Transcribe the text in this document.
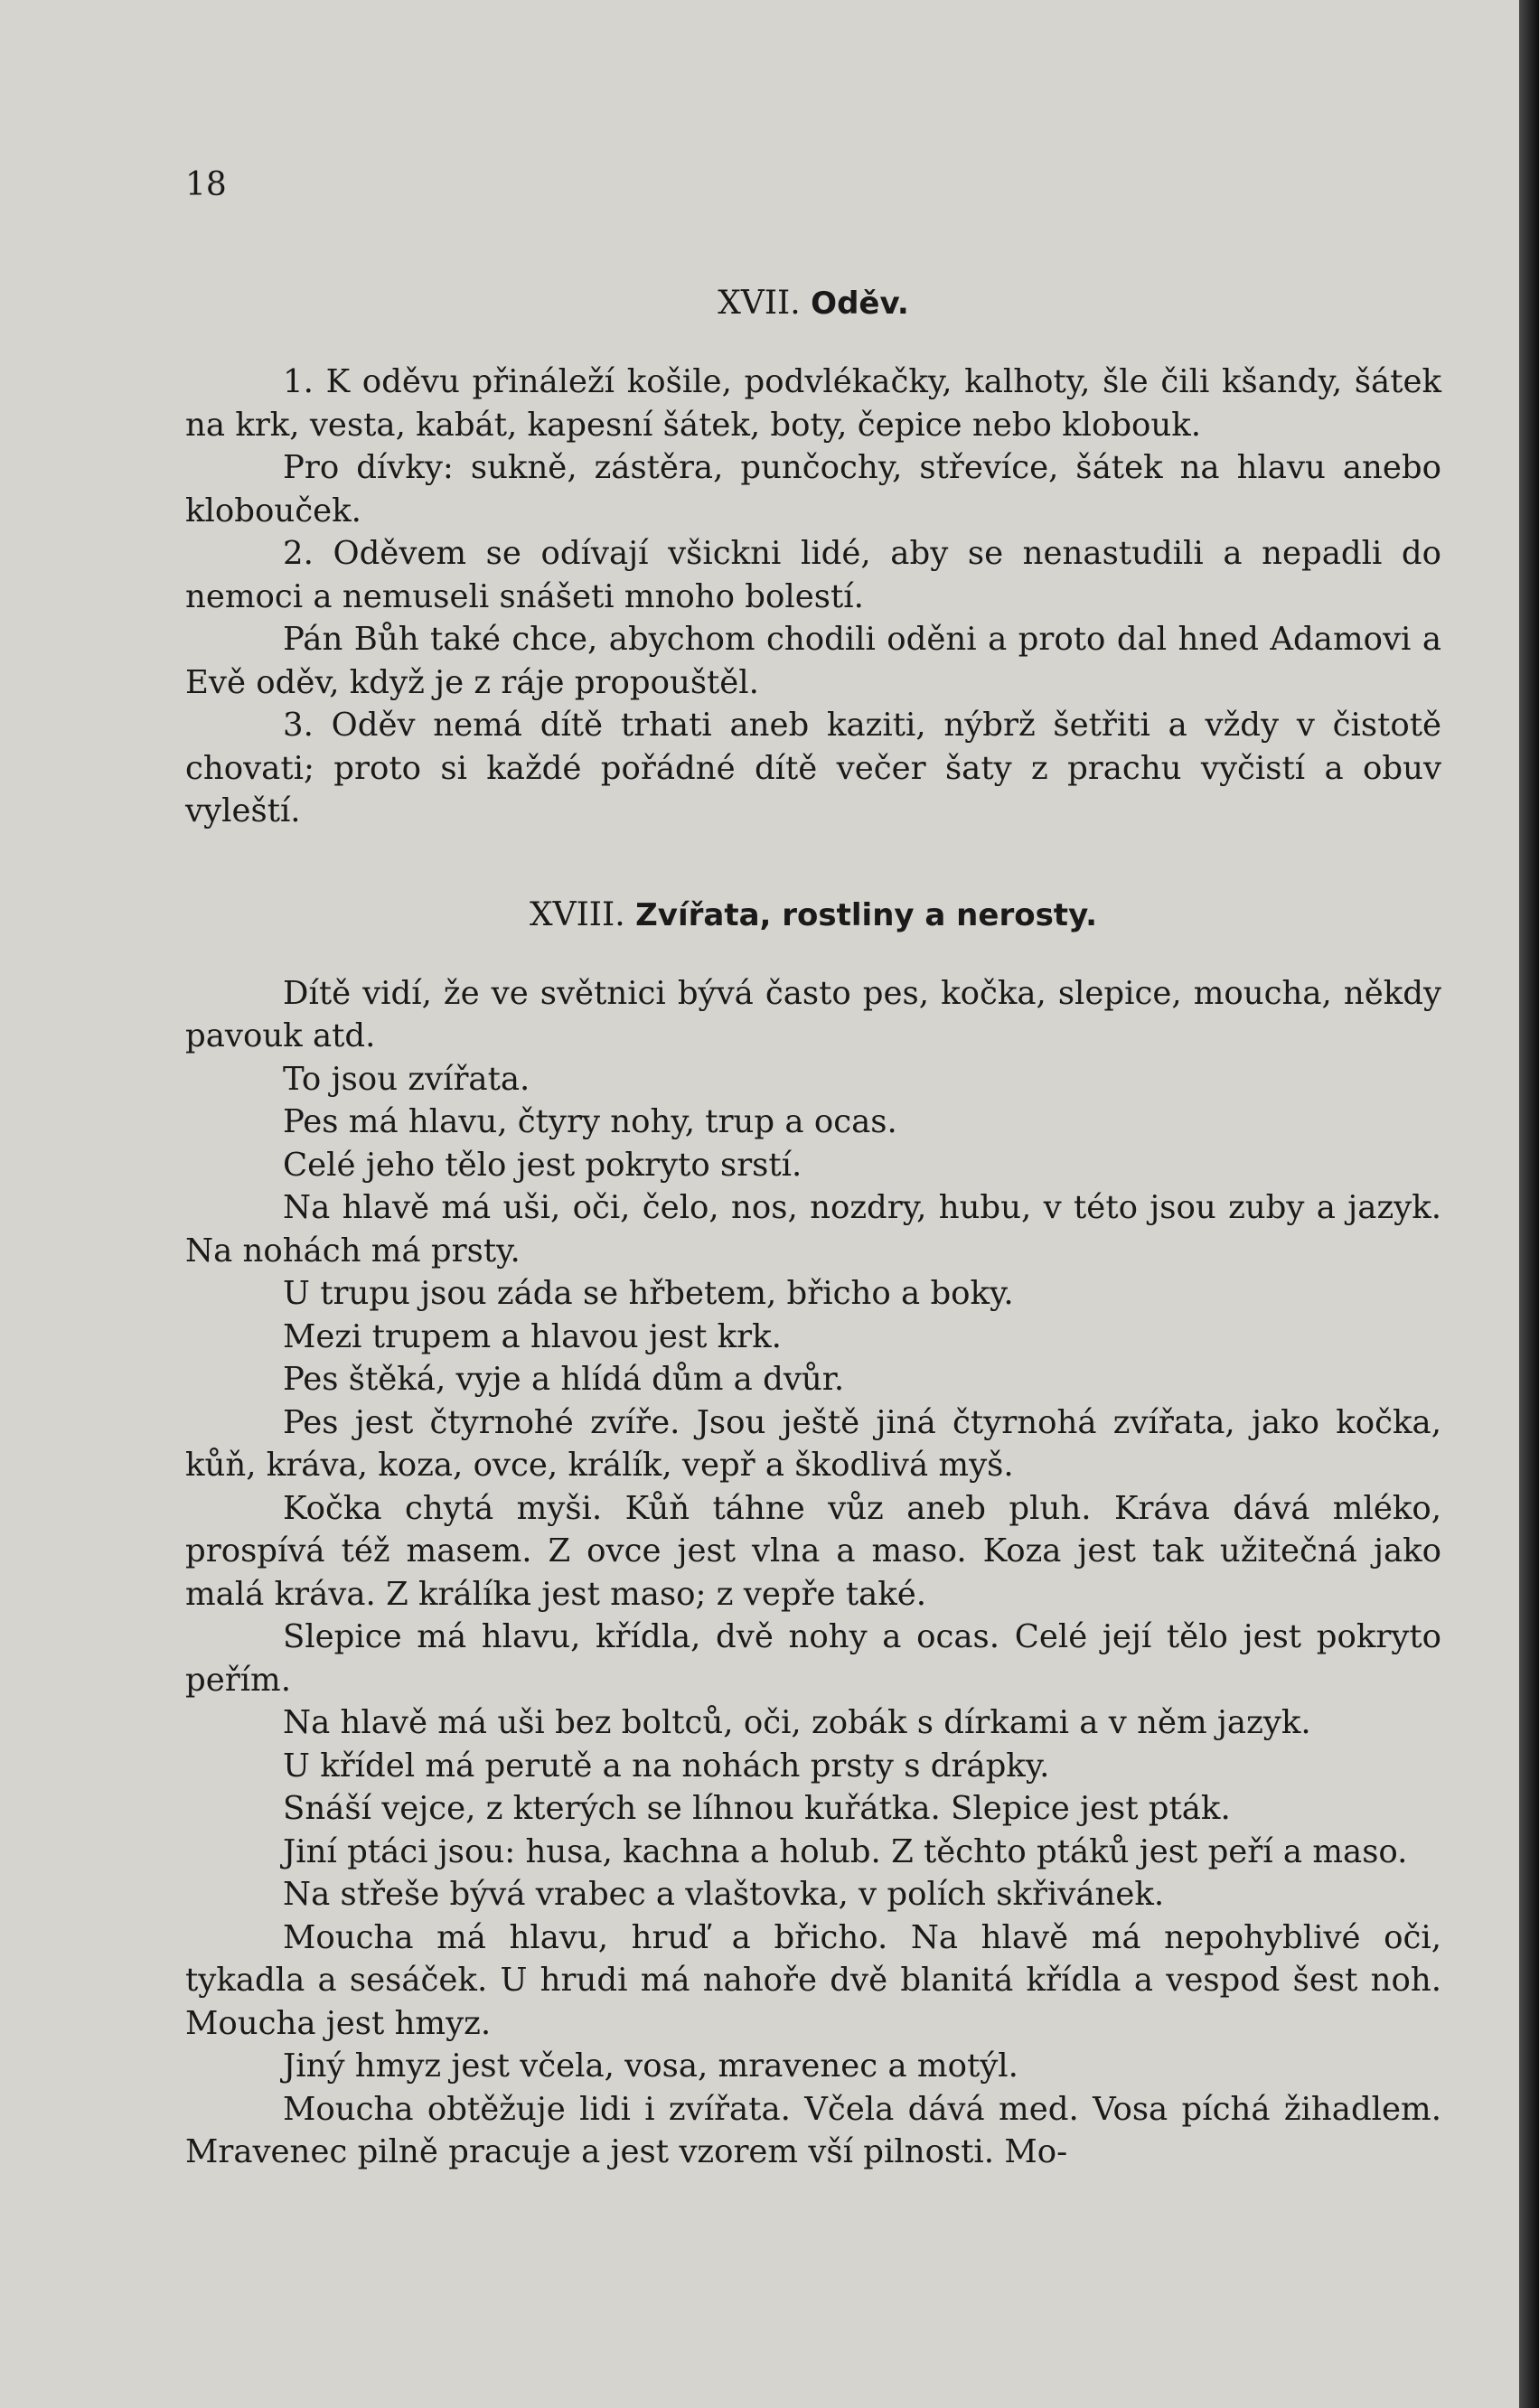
18
XVII. Oděv.

1. K oděvu přináleží košile, podvlékačky, kalhoty, šle čili kšandy, šátek na krk, vesta, kabát, kapesní šátek, boty, čepice nebo klobouk.

Pro dívky: sukně, zástěra, punčochy, střevíce, šátek na hlavu anebo klobouček.

2. Oděvem se odívají všickni lidé, aby se nenastudili a nepadli do nemoci a nemuseli snášeti mnoho bolestí.

Pán Bůh také chce, abychom chodili oděni a proto dal hned Adamovi a Evě oděv, když je z ráje propouštěl.

3. Oděv nemá dítě trhati aneb kaziti, nýbrž šetřiti a vždy v čistotě chovati; proto si každé pořádné dítě večer šaty z prachu vyčistí a obuv vyleští.

XVIII. Zvířata, rostliny a nerosty.

Dítě vidí, že ve světnici bývá často pes, kočka, slepice, moucha, někdy pavouk atd.

To jsou zvířata.

Pes má hlavu, čtyry nohy, trup a ocas.

Celé jeho tělo jest pokryto srstí.

Na hlavě má uši, oči, čelo, nos, nozdry, hubu, v této jsou zuby a jazyk. Na nohách má prsty.

U trupu jsou záda se hřbetem, břicho a boky.

Mezi trupem a hlavou jest krk.

Pes štěká, vyje a hlídá dům a dvůr.

Pes jest čtyrnohé zvíře. Jsou ještě jiná čtyrnohá zvířata, jako kočka, kůň, kráva, koza, ovce, králík, vepř a škodlivá myš.

Kočka chytá myši. Kůň táhne vůz aneb pluh. Kráva dává mléko, prospívá též masem. Z ovce jest vlna a maso. Koza jest tak užitečná jako malá kráva. Z králíka jest maso; z vepře také.

Slepice má hlavu, křídla, dvě nohy a ocas. Celé její tělo jest pokryto peřím.

Na hlavě má uši bez boltců, oči, zobák s dírkami a v něm jazyk.

U křídel má perutě a na nohách prsty s drápky.

Snáší vejce, z kterých se líhnou kuřátka. Slepice jest pták.

Jiní ptáci jsou: husa, kachna a holub. Z těchto ptáků jest peří a maso.

Na střeše bývá vrabec a vlaštovka, v polích skřivánek.

Moucha má hlavu, hruď a břicho. Na hlavě má nepohyblivé oči, tykadla a sesáček. U hrudi má nahoře dvě blanitá křídla a vespod šest noh. Moucha jest hmyz.

Jiný hmyz jest včela, vosa, mravenec a motýl.

Moucha obtěžuje lidi i zvířata. Včela dává med. Vosa píchá žihadlem. Mravenec pilně pracuje a jest vzorem vší pilnosti. Mo-
